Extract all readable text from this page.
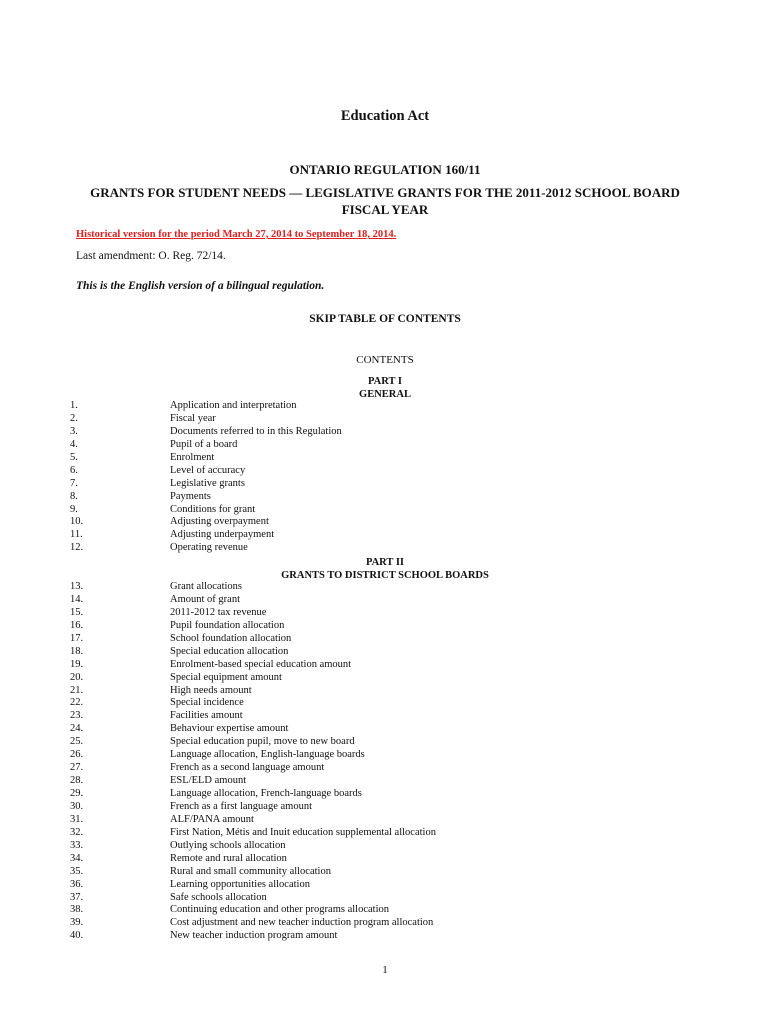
Education Act
ONTARIO REGULATION 160/11
GRANTS FOR STUDENT NEEDS — LEGISLATIVE GRANTS FOR THE 2011-2012 SCHOOL BOARD FISCAL YEAR
Historical version for the period March 27, 2014 to September 18, 2014.
Last amendment: O. Reg. 72/14.
This is the English version of a bilingual regulation.
SKIP TABLE OF CONTENTS
CONTENTS
PART I
GENERAL
1.	Application and interpretation
2.	Fiscal year
3.	Documents referred to in this Regulation
4.	Pupil of a board
5.	Enrolment
6.	Level of accuracy
7.	Legislative grants
8.	Payments
9.	Conditions for grant
10.	Adjusting overpayment
11.	Adjusting underpayment
12.	Operating revenue
PART II
GRANTS TO DISTRICT SCHOOL BOARDS
13.	Grant allocations
14.	Amount of grant
15.	2011-2012 tax revenue
16.	Pupil foundation allocation
17.	School foundation allocation
18.	Special education allocation
19.	Enrolment-based special education amount
20.	Special equipment amount
21.	High needs amount
22.	Special incidence
23.	Facilities amount
24.	Behaviour expertise amount
25.	Special education pupil, move to new board
26.	Language allocation, English-language boards
27.	French as a second language amount
28.	ESL/ELD amount
29.	Language allocation, French-language boards
30.	French as a first language amount
31.	ALF/PANA amount
32.	First Nation, Métis and Inuit education supplemental allocation
33.	Outlying schools allocation
34.	Remote and rural allocation
35.	Rural and small community allocation
36.	Learning opportunities allocation
37.	Safe schools allocation
38.	Continuing education and other programs allocation
39.	Cost adjustment and new teacher induction program allocation
40.	New teacher induction program amount
1
